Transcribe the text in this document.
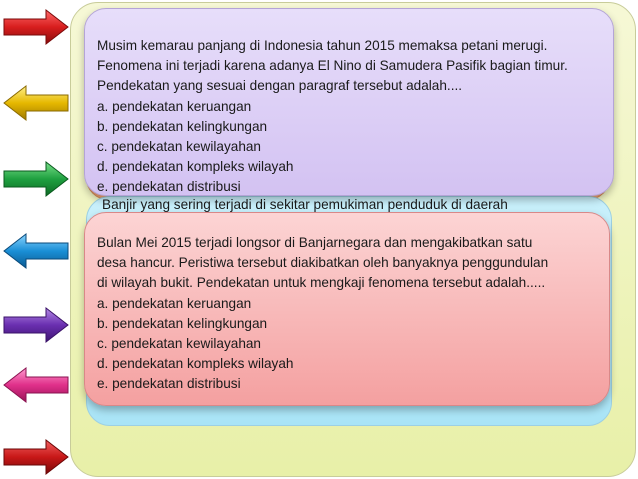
Banjir yang sering terjadi di sekitar pemukiman penduduk di daerah
Musim kemarau panjang di Indonesia tahun 2015 memaksa petani merugi.
Fenomena ini terjadi karena adanya El Nino di Samudera Pasifik bagian timur.
Pendekatan yang sesuai dengan paragraf tersebut adalah....
a. pendekatan keruangan
b. pendekatan kelingkungan
c. pendekatan kewilayahan
d. pendekatan kompleks wilayah
e. pendekatan distribusi
Bulan Mei 2015 terjadi longsor di Banjarnegara dan mengakibatkan satu
desa hancur. Peristiwa tersebut diakibatkan oleh banyaknya penggundulan
di wilayah bukit. Pendekatan untuk mengkaji fenomena tersebut adalah.....
a. pendekatan keruangan
b. pendekatan kelingkungan
c. pendekatan kewilayahan
d. pendekatan kompleks wilayah
e. pendekatan distribusi
